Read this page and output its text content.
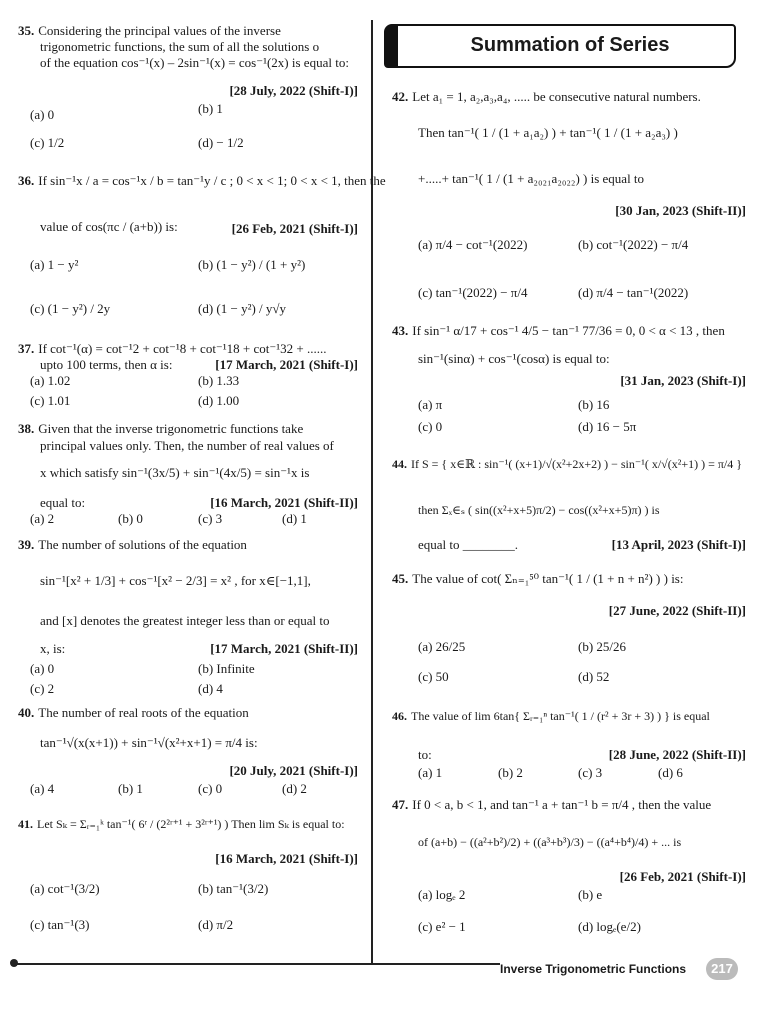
Summation of Series
35. Considering the principal values of the inverse
trigonometric functions, the sum of all the solutions o
of the equation cos⁻¹(x) – 2sin⁻¹(x) = cos⁻¹(2x) is equal to:
[28 July, 2022 (Shift-I)]
(a) 0	(b) 1
(c) 1/2	(d) − 1/2
36. If sin⁻¹x / a = cos⁻¹x / b = tan⁻¹y / c ; 0 < x < 1; 0 < x < 1, then the
value of cos(πc / (a+b)) is:	[26 Feb, 2021 (Shift-I)]
(a) 1 − y²	(b) (1 − y²) / (1 + y²)
(c) (1 − y²) / 2y	(d) (1 − y²) / y√y
37. If cot⁻¹(α) = cot⁻¹2 + cot⁻¹8 + cot⁻¹18 + cot⁻¹32 + ......
upto 100 terms, then α is:	[17 March, 2021 (Shift-I)]
(a) 1.02	(b) 1.33
(c) 1.01	(d) 1.00
38. Given that the inverse trigonometric functions take
principal values only. Then, the number of real values of
x which satisfy sin⁻¹(3x/5) + sin⁻¹(4x/5) = sin⁻¹x is
equal to:	[16 March, 2021 (Shift-II)]
(a) 2	(b) 0	(c) 3	(d) 1
39. The number of solutions of the equation
sin⁻¹[x² + 1/3] + cos⁻¹[x² − 2/3] = x² , for x∈[−1,1],
and [x] denotes the greatest integer less than or equal to
x, is:	[17 March, 2021 (Shift-II)]
(a) 0	(b) Infinite
(c) 2	(d) 4
40. The number of real roots of the equation
tan⁻¹√(x(x+1)) + sin⁻¹√(x²+x+1) = π/4 is:
[20 July, 2021 (Shift-I)]
(a) 4	(b) 1	(c) 0	(d) 2
41. Let Sₖ = Σᵣ₌₁ᵏ tan⁻¹( 6ʳ / (2²ʳ⁺¹ + 3²ʳ⁺¹) ) Then lim Sₖ is equal to:
[16 March, 2021 (Shift-I)]
(a) cot⁻¹(3/2)	(b) tan⁻¹(3/2)
(c) tan⁻¹(3)	(d) π/2
42. Let a₁ = 1, a₂,a₃,a₄, ..... be consecutive natural numbers.
Then tan⁻¹( 1 / (1 + a₁a₂) ) + tan⁻¹( 1 / (1 + a₂a₃) )
+.....+ tan⁻¹( 1 / (1 + a₂₀₂₁a₂₀₂₂) ) is equal to
[30 Jan, 2023 (Shift-II)]
(a) π/4 − cot⁻¹(2022)	(b) cot⁻¹(2022) − π/4
(c) tan⁻¹(2022) − π/4	(d) π/4 − tan⁻¹(2022)
43. If sin⁻¹ α/17 + cos⁻¹ 4/5 − tan⁻¹ 77/36 = 0, 0 < α < 13 , then
sin⁻¹(sinα) + cos⁻¹(cosα) is equal to:
[31 Jan, 2023 (Shift-I)]
(a) π	(b) 16
(c) 0	(d) 16 − 5π
44. If S = { x∈ℝ : sin⁻¹( (x+1)/√(x²+2x+2) ) − sin⁻¹( x/√(x²+1) ) = π/4 }
then Σₓ∈ₛ ( sin((x²+x+5)π/2) − cos((x²+x+5)π) ) is
equal to ________.	[13 April, 2023 (Shift-I)]
45. The value of cot( Σₙ₌₁⁵⁰ tan⁻¹( 1 / (1 + n + n²) ) ) is:
[27 June, 2022 (Shift-II)]
(a) 26/25	(b) 25/26
(c) 50	(d) 52
46. The value of lim 6tan{ Σᵣ₌₁ⁿ tan⁻¹( 1 / (r² + 3r + 3) ) } is equal
to:	[28 June, 2022 (Shift-II)]
(a) 1	(b) 2	(c) 3	(d) 6
47. If 0 < a, b < 1, and tan⁻¹ a + tan⁻¹ b = π/4 , then the value
of (a+b) − ((a²+b²)/2) + ((a³+b³)/3) − ((a⁴+b⁴)/4) + ... is
[26 Feb, 2021 (Shift-I)]
(a) logₑ 2	(b) e
(c) e² − 1	(d) logₑ(e/2)
Inverse Trigonometric Functions	217
